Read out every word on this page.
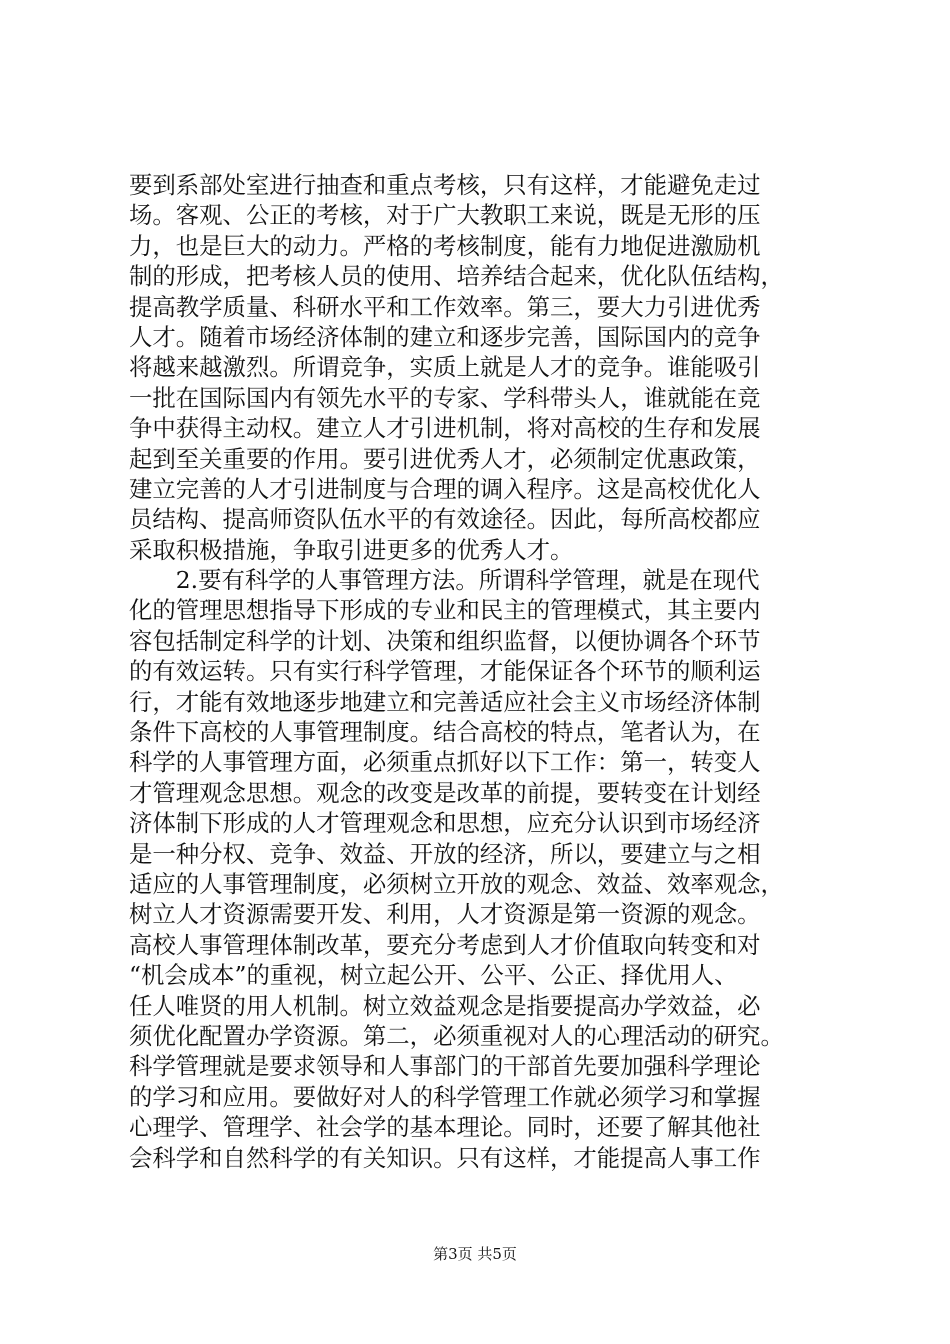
要到系部处室进行抽查和重点考核，只有这样，才能避免走过
场。客观、公正的考核，对于广大教职工来说，既是无形的压
力，也是巨大的动力。严格的考核制度，能有力地促进激励机
制的形成，把考核人员的使用、培养结合起来，优化队伍结构，
提高教学质量、科研水平和工作效率。第三，要大力引进优秀
人才。随着市场经济体制的建立和逐步完善，国际国内的竞争
将越来越激烈。所谓竞争，实质上就是人才的竞争。谁能吸引
一批在国际国内有领先水平的专家、学科带头人，谁就能在竞
争中获得主动权。建立人才引进机制，将对高校的生存和发展
起到至关重要的作用。要引进优秀人才，必须制定优惠政策，
建立完善的人才引进制度与合理的调入程序。这是高校优化人
员结构、提高师资队伍水平的有效途径。因此，每所高校都应
采取积极措施，争取引进更多的优秀人才。
　　2.要有科学的人事管理方法。所谓科学管理，就是在现代
化的管理思想指导下形成的专业和民主的管理模式，其主要内
容包括制定科学的计划、决策和组织监督，以便协调各个环节
的有效运转。只有实行科学管理，才能保证各个环节的顺利运
行，才能有效地逐步地建立和完善适应社会主义市场经济体制
条件下高校的人事管理制度。结合高校的特点，笔者认为，在
科学的人事管理方面，必须重点抓好以下工作：第一，转变人
才管理观念思想。观念的改变是改革的前提，要转变在计划经
济体制下形成的人才管理观念和思想，应充分认识到市场经济
是一种分权、竞争、效益、开放的经济，所以，要建立与之相
适应的人事管理制度，必须树立开放的观念、效益、效率观念，
树立人才资源需要开发、利用，人才资源是第一资源的观念。
高校人事管理体制改革，要充分考虑到人才价值取向转变和对
“机会成本”的重视，树立起公开、公平、公正、择优用人、
任人唯贤的用人机制。树立效益观念是指要提高办学效益，必
须优化配置办学资源。第二，必须重视对人的心理活动的研究。
科学管理就是要求领导和人事部门的干部首先要加强科学理论
的学习和应用。要做好对人的科学管理工作就必须学习和掌握
心理学、管理学、社会学的基本理论。同时，还要了解其他社
会科学和自然科学的有关知识。只有这样，才能提高人事工作
第3页 共5页
